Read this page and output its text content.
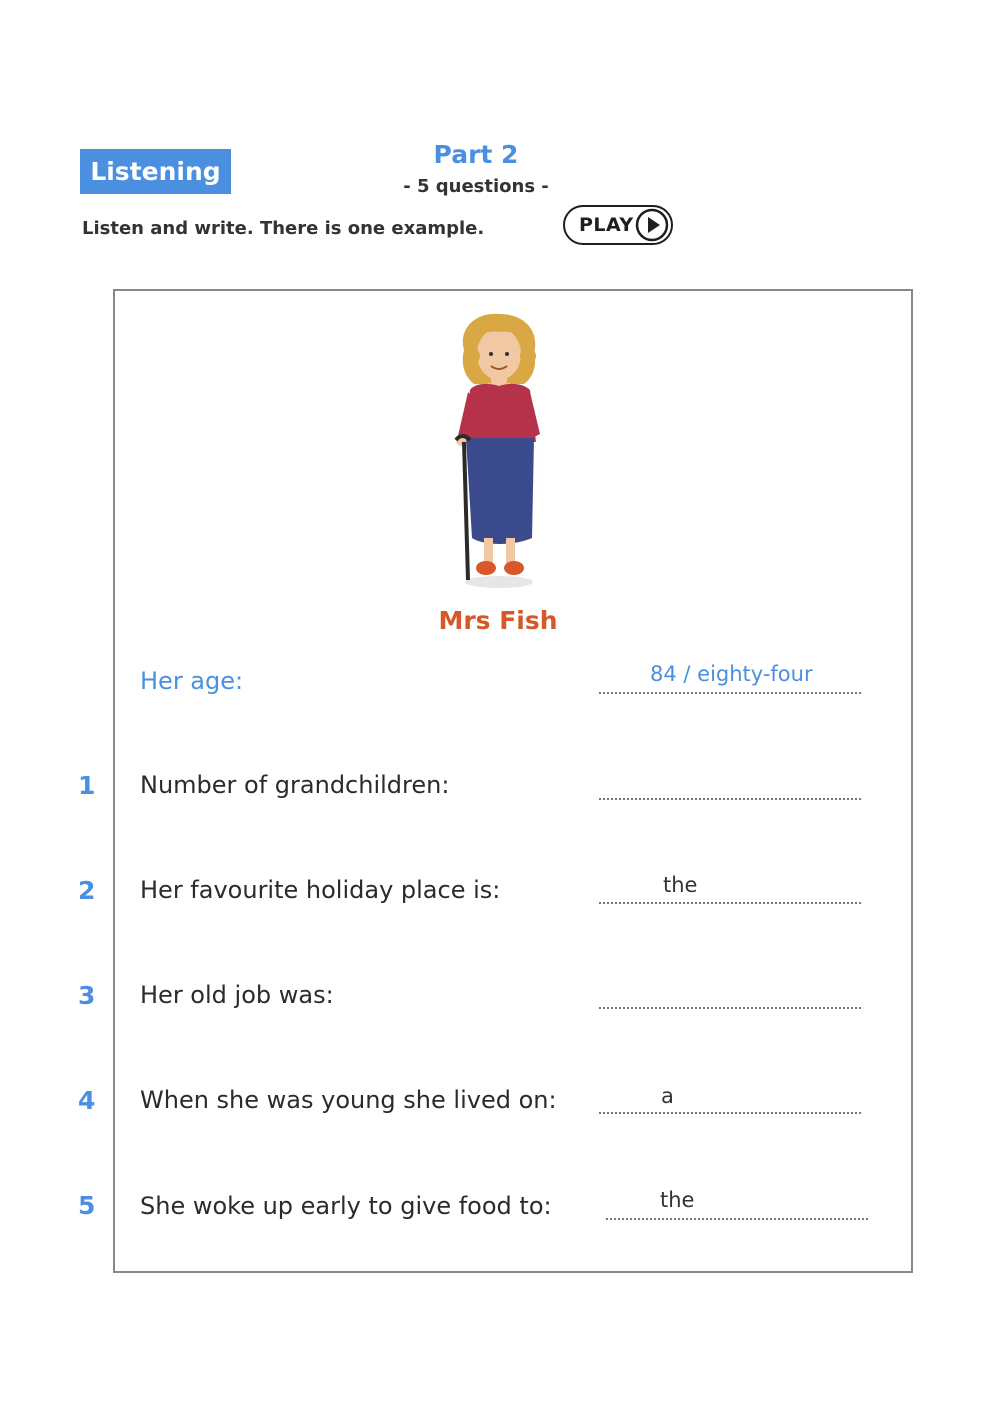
Listening
Part 2
- 5 questions -
Listen and write. There is one example.	PLAY
Mrs Fish
Her age:	84 / eighty-four
1 Number of grandchildren:
2 Her favourite holiday place is:	the
3 Her old job was:
4 When she was young she lived on:	a
5 She woke up early to give food to:	the
